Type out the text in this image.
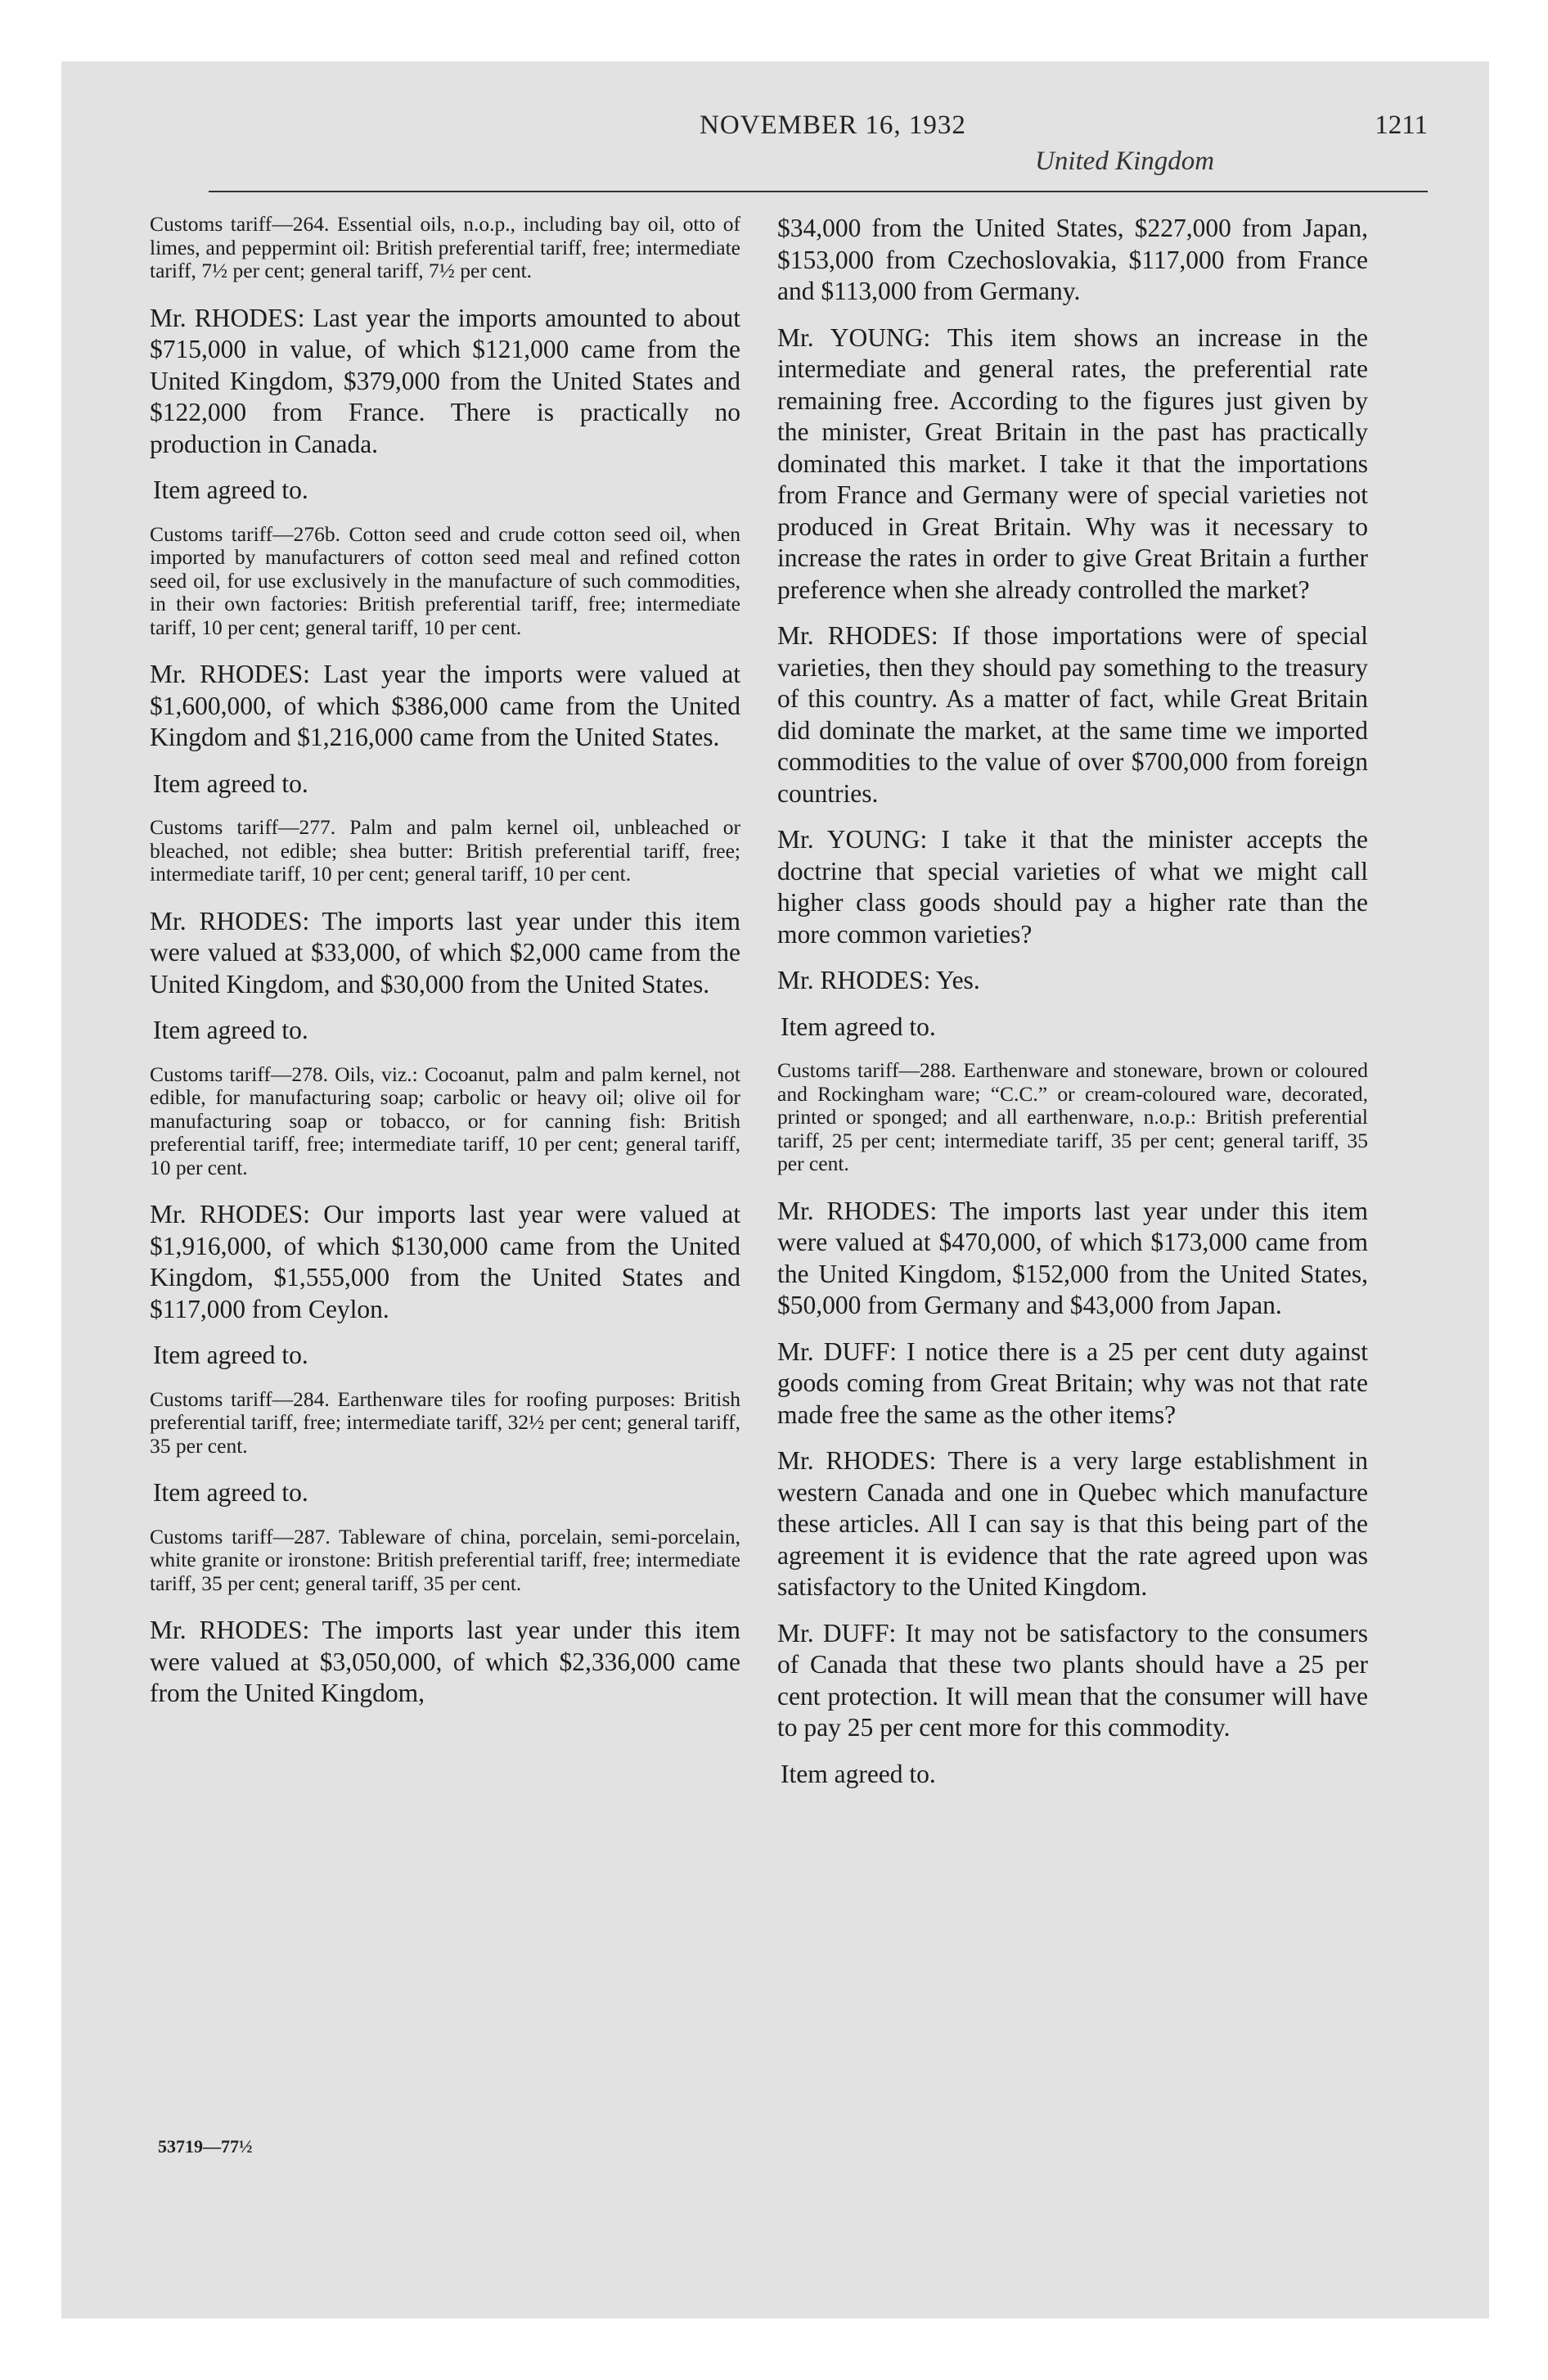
NOVEMBER 16, 1932	1211
United Kingdom

Customs tariff—264. Essential oils, n.o.p., including bay oil, otto of limes, and peppermint oil: British preferential tariff, free; intermediate tariff, 7½ per cent; general tariff, 7½ per cent.

Mr. RHODES: Last year the imports amounted to about $715,000 in value, of which $121,000 came from the United Kingdom, $379,000 from the United States and $122,000 from France. There is practically no production in Canada.

Item agreed to.

Customs tariff—276b. Cotton seed and crude cotton seed oil, when imported by manufacturers of cotton seed meal and refined cotton seed oil, for use exclusively in the manufacture of such commodities, in their own factories: British preferential tariff, free; intermediate tariff, 10 per cent; general tariff, 10 per cent.

Mr. RHODES: Last year the imports were valued at $1,600,000, of which $386,000 came from the United Kingdom and $1,216,000 came from the United States.

Item agreed to.

Customs tariff—277. Palm and palm kernel oil, unbleached or bleached, not edible; shea butter: British preferential tariff, free; intermediate tariff, 10 per cent; general tariff, 10 per cent.

Mr. RHODES: The imports last year under this item were valued at $33,000, of which $2,000 came from the United Kingdom, and $30,000 from the United States.

Item agreed to.

Customs tariff—278. Oils, viz.: Cocoanut, palm and palm kernel, not edible, for manufacturing soap; carbolic or heavy oil; olive oil for manufacturing soap or tobacco, or for canning fish: British preferential tariff, free; intermediate tariff, 10 per cent; general tariff, 10 per cent.

Mr. RHODES: Our imports last year were valued at $1,916,000, of which $130,000 came from the United Kingdom, $1,555,000 from the United States and $117,000 from Ceylon.

Item agreed to.

Customs tariff—284. Earthenware tiles for roofing purposes: British preferential tariff, free; intermediate tariff, 32½ per cent; general tariff, 35 per cent.

Item agreed to.

Customs tariff—287. Tableware of china, porcelain, semi-porcelain, white granite or ironstone: British preferential tariff, free; intermediate tariff, 35 per cent; general tariff, 35 per cent.

Mr. RHODES: The imports last year under this item were valued at $3,050,000, of which $2,336,000 came from the United Kingdom,

$34,000 from the United States, $227,000 from Japan, $153,000 from Czechoslovakia, $117,000 from France and $113,000 from Germany.

Mr. YOUNG: This item shows an increase in the intermediate and general rates, the preferential rate remaining free. According to the figures just given by the minister, Great Britain in the past has practically dominated this market. I take it that the importations from France and Germany were of special varieties not produced in Great Britain. Why was it necessary to increase the rates in order to give Great Britain a further preference when she already controlled the market?

Mr. RHODES: If those importations were of special varieties, then they should pay something to the treasury of this country. As a matter of fact, while Great Britain did dominate the market, at the same time we imported commodities to the value of over $700,000 from foreign countries.

Mr. YOUNG: I take it that the minister accepts the doctrine that special varieties of what we might call higher class goods should pay a higher rate than the more common varieties?

Mr. RHODES: Yes.

Item agreed to.

Customs tariff—288. Earthenware and stoneware, brown or coloured and Rockingham ware; “C.C.” or cream-coloured ware, decorated, printed or sponged; and all earthenware, n.o.p.: British preferential tariff, 25 per cent; intermediate tariff, 35 per cent; general tariff, 35 per cent.

Mr. RHODES: The imports last year under this item were valued at $470,000, of which $173,000 came from the United Kingdom, $152,000 from the United States, $50,000 from Germany and $43,000 from Japan.

Mr. DUFF: I notice there is a 25 per cent duty against goods coming from Great Britain; why was not that rate made free the same as the other items?

Mr. RHODES: There is a very large establishment in western Canada and one in Quebec which manufacture these articles. All I can say is that this being part of the agreement it is evidence that the rate agreed upon was satisfactory to the United Kingdom.

Mr. DUFF: It may not be satisfactory to the consumers of Canada that these two plants should have a 25 per cent protection. It will mean that the consumer will have to pay 25 per cent more for this commodity.

Item agreed to.

53719—77½
